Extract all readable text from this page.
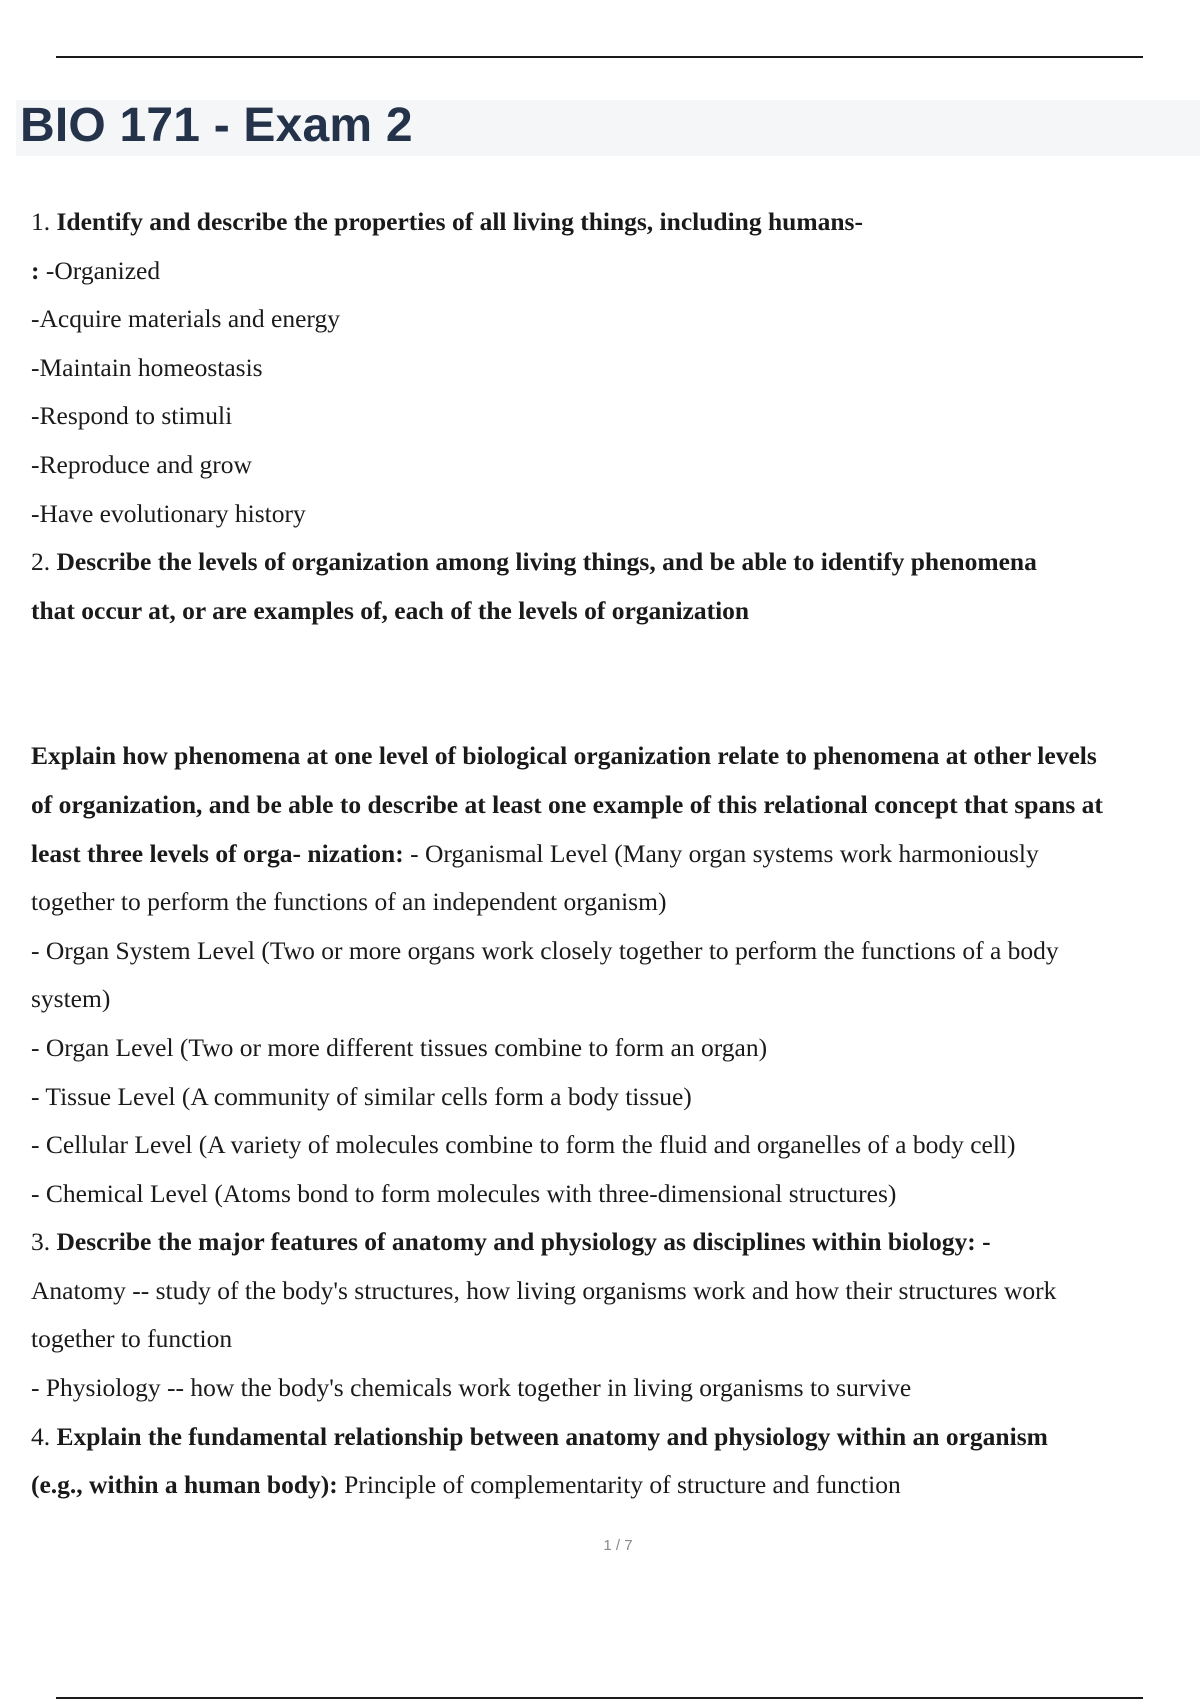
BIO 171 - Exam 2

1. Identify and describe the properties of all living things, including humans-

: -Organized

-Acquire materials and energy

-Maintain homeostasis

-Respond to stimuli

-Reproduce and grow

-Have evolutionary history

2. Describe the levels of organization among living things, and be able to identify phenomena

that occur at, or are examples of, each of the levels of organization

Explain how phenomena at one level of biological organization relate to phenomena at other levels

of organization, and be able to describe at least one example of this relational concept that spans at

least three levels of orga- nization: - Organismal Level (Many organ systems work harmoniously

together to perform the functions of an independent organism)

- Organ System Level (Two or more organs work closely together to perform the functions of a body

system)

- Organ Level (Two or more different tissues combine to form an organ)

- Tissue Level (A community of similar cells form a body tissue)

- Cellular Level (A variety of molecules combine to form the fluid and organelles of a body cell)

- Chemical Level (Atoms bond to form molecules with three-dimensional structures)

3. Describe the major features of anatomy and physiology as disciplines within biology: -

Anatomy -- study of the body's structures, how living organisms work and how their structures work

together to function

- Physiology -- how the body's chemicals work together in living organisms to survive

4. Explain the fundamental relationship between anatomy and physiology within an organism

(e.g., within a human body): Principle of complementarity of structure and function

1 / 7
